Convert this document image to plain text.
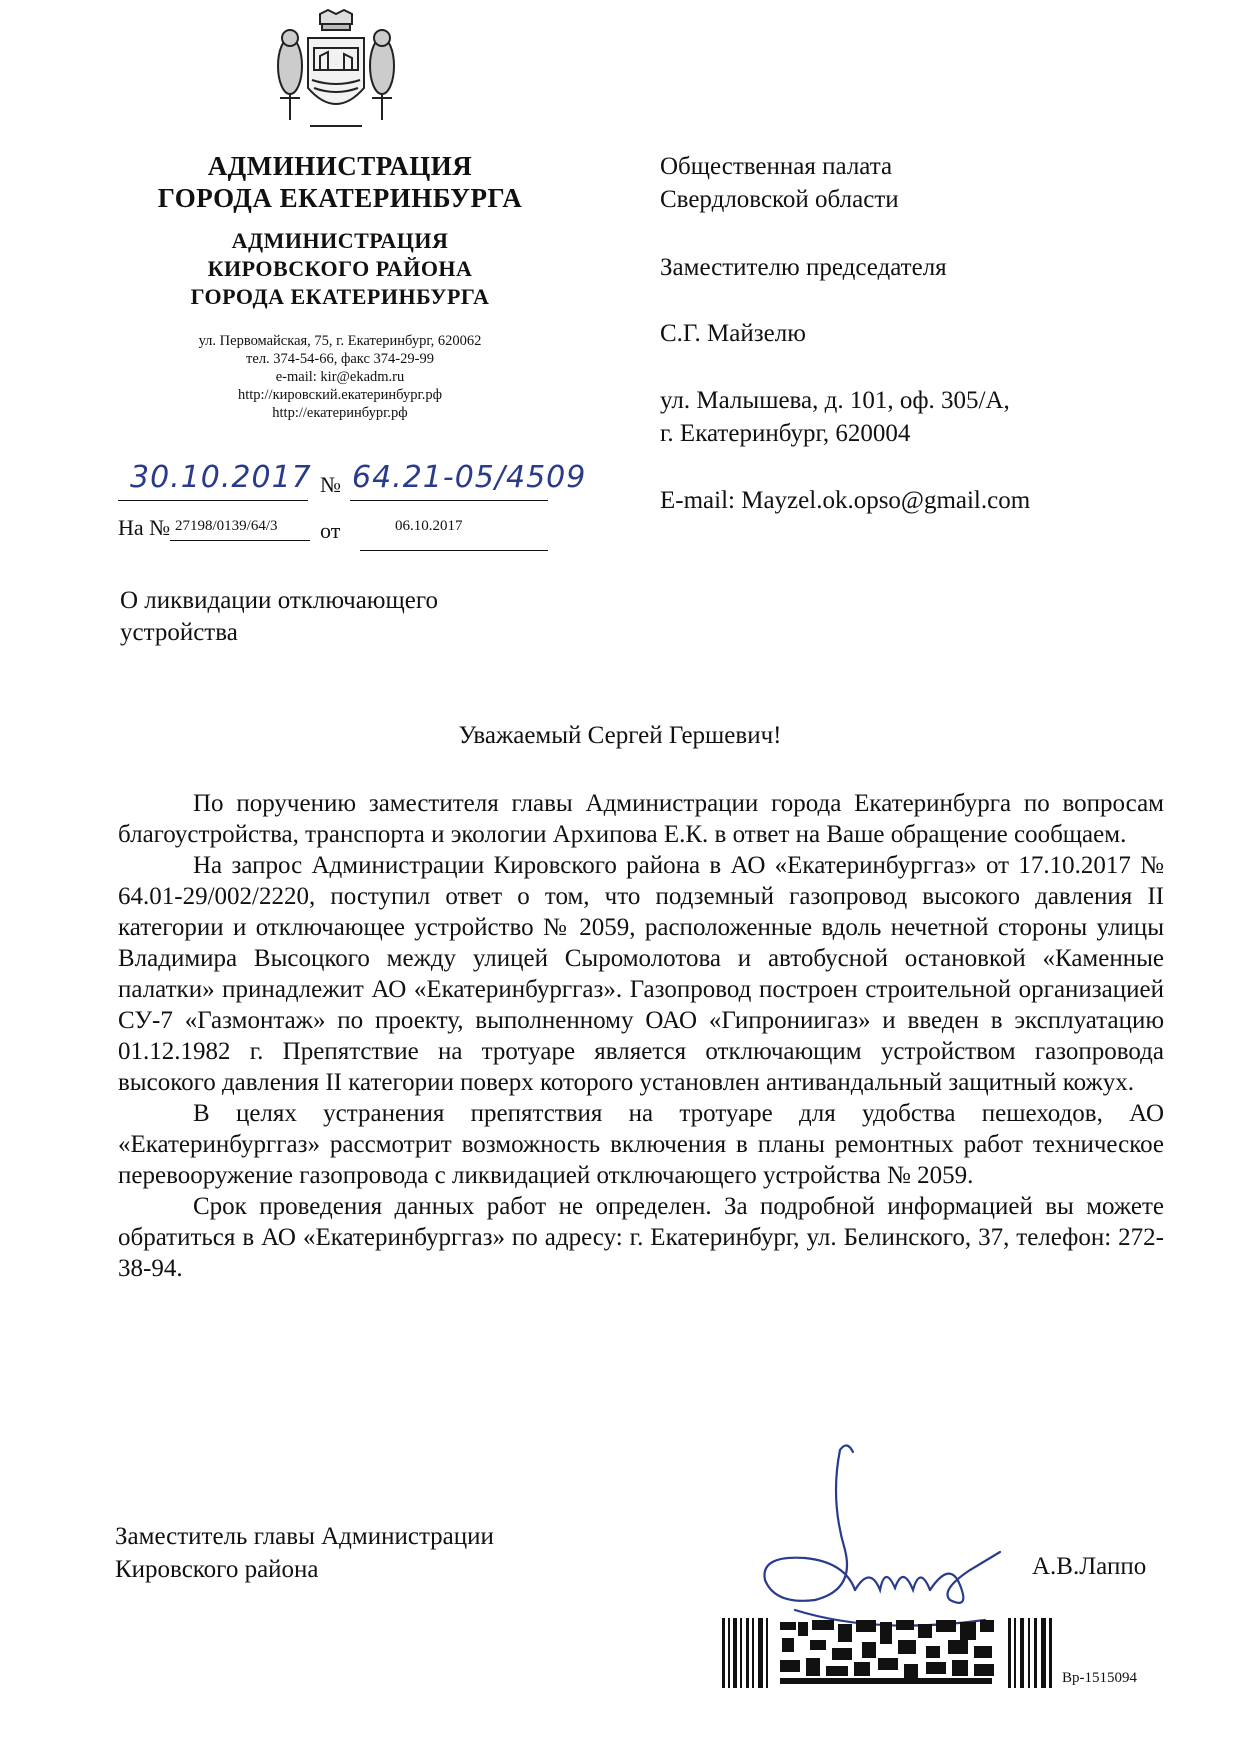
АДМИНИСТРАЦИЯ
ГОРОДА ЕКАТЕРИНБУРГА
АДМИНИСТРАЦИЯ
КИРОВСКОГО РАЙОНА
ГОРОДА ЕКАТЕРИНБУРГА
ул. Первомайская, 75, г. Екатеринбург, 620062
тел. 374-54-66, факс 374-29-99
e-mail: kir@ekadm.ru
http://кировский.екатеринбург.рф
http://екатеринбург.рф
30.10.2017 № 64.21-05/4509
На № 27198/0139/64/3 от	06.10.2017
Общественная палата
Свердловской области
Заместителю председателя
С.Г. Майзелю
ул. Малышева, д. 101, оф. 305/А,
г. Екатеринбург, 620004
E-mail: Mayzel.ok.opso@gmail.com
О ликвидации отключающего
устройства
Уважаемый Сергей Гершевич!

По поручению заместителя главы Администрации города Екатеринбурга по вопросам благоустройства, транспорта и экологии Архипова Е.К. в ответ на Ваше обращение сообщаем.

На запрос Администрации Кировского района в АО «Екатеринбурггаз» от 17.10.2017 № 64.01-29/002/2220, поступил ответ о том, что подземный газопровод высокого давления II категории и отключающее устройство № 2059, расположенные вдоль нечетной стороны улицы Владимира Высоцкого между улицей Сыромолотова и автобусной остановкой «Каменные палатки» принадлежит АО «Екатеринбурггаз». Газопровод построен строительной организацией СУ-7 «Газмонтаж» по проекту, выполненному ОАО «Гипрониигаз» и введен в эксплуатацию 01.12.1982 г. Препятствие на тротуаре является отключающим устройством газопровода высокого давления II категории поверх которого установлен антивандальный защитный кожух.

В целях устранения препятствия на тротуаре для удобства пешеходов, АО «Екатеринбурггаз» рассмотрит возможность включения в планы ремонтных работ техническое перевооружение газопровода с ликвидацией отключающего устройства № 2059.

Срок проведения данных работ не определен. За подробной информацией вы можете обратиться в АО «Екатеринбурггаз» по адресу: г. Екатеринбург, ул. Белинского, 37, телефон: 272-38-94.

Заместитель главы Администрации
Кировского района	А.В.Лаппо
Вр-1515094
